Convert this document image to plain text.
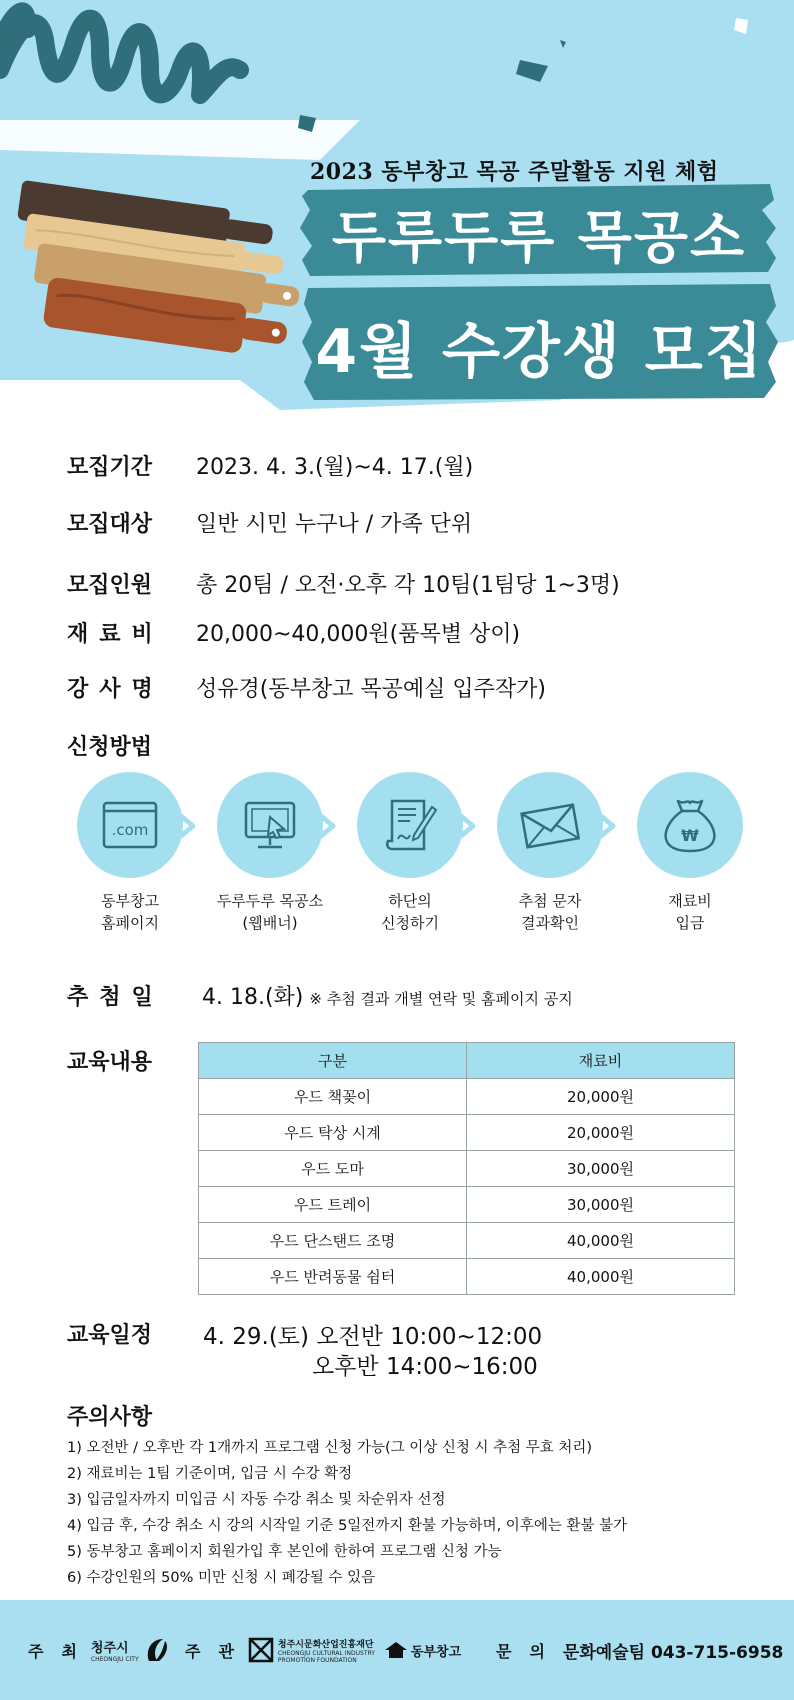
2023 동부창고 목공 주말활동 지원 체험
두루두루 목공소
4월 수강생 모집
모집기간	2023. 4. 3.(월)~4. 17.(월)
모집대상	일반 시민 누구나 / 가족 단위
모집인원	총 20팀 / 오전·오후 각 10팀(1팀당 1~3명)
재료비	20,000~40,000원(품목별 상이)
강사명	성유경(동부창고 목공예실 입주작가)
신청방법
.com
동부창고
홈페이지
두루두루 목공소
(웹배너)
하단의
신청하기
추첨 문자
결과확인
₩
재료비
입금
추첨일	4. 18.(화) ※ 추첨 결과 개별 연락 및 홈페이지 공지
교육내용	구분	재료비
우드 책꽂이	20,000원
우드 탁상 시계	20,000원
우드 도마	30,000원
우드 트레이	30,000원
우드 단스탠드 조명	40,000원
우드 반려동물 쉼터	40,000원
교육일정 4. 29.(토) 오전반 10:00~12:00
오후반 14:00~16:00
주의사항
1) 오전반 / 오후반 각 1개까지 프로그램 신청 가능(그 이상 신청 시 추첨 무효 처리)
2) 재료비는 1팀 기준이며, 입금 시 수강 확정
3) 입금일자까지 미입금 시 자동 수강 취소 및 차순위자 선정
4) 입금 후, 수강 취소 시 강의 시작일 기준 5일전까지 환불 가능하며, 이후에는 환불 불가
5) 동부창고 홈페이지 회원가입 후 본인에 한하여 프로그램 신청 가능
6) 수강인원의 50% 미만 신청 시 폐강될 수 있음
주최
청주시
CHEONGJU CITY	주관	청주시문화산업진흥재단
CHEONGJU CULTURAL INDUSTRY PROMOTION FOUNDATION
동부창고 문의 문화예술팀 043-715-6958
